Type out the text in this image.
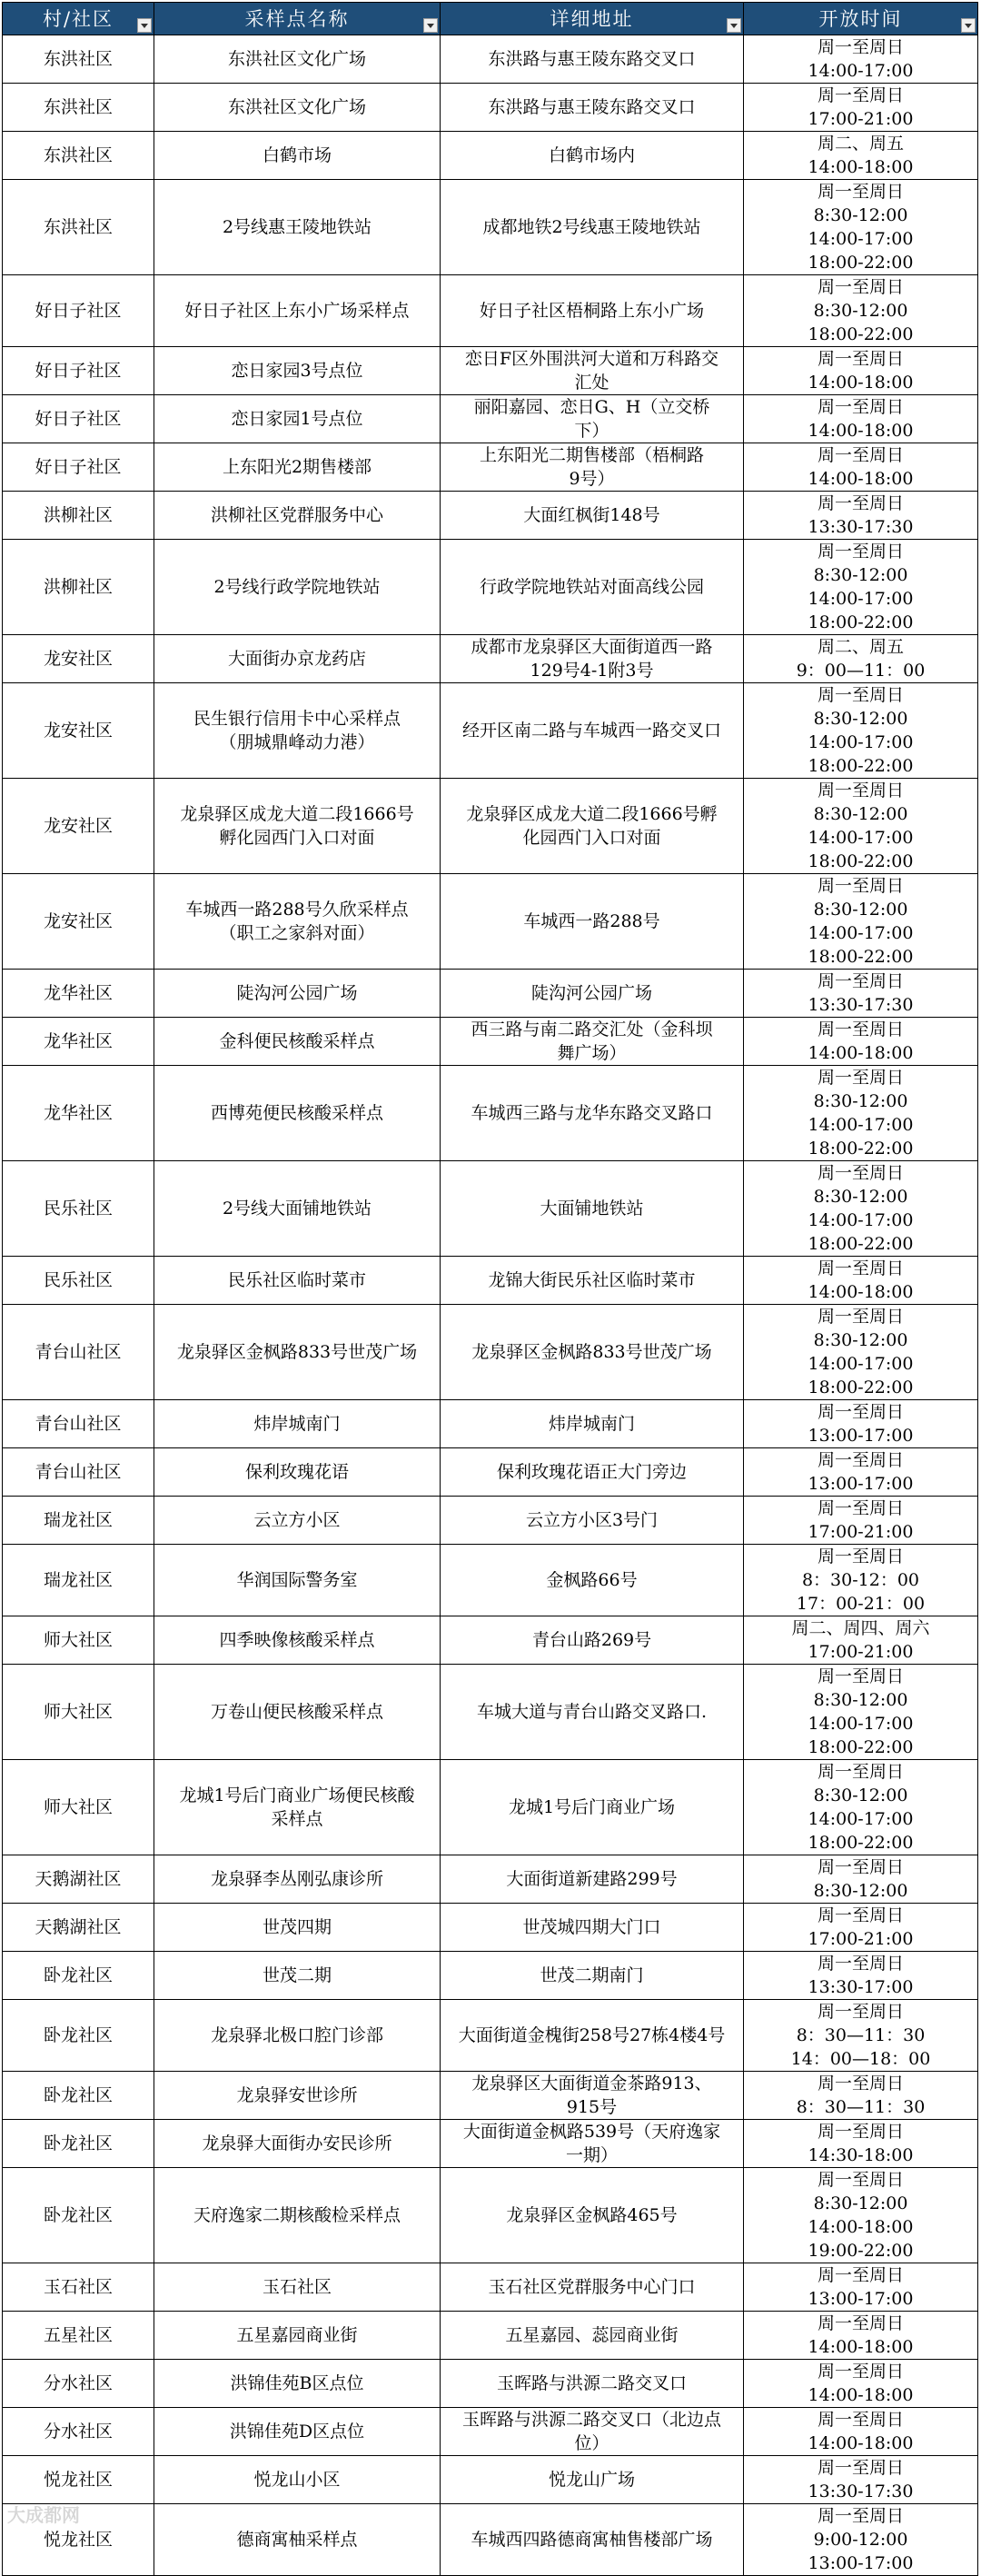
村/社区	采样点名称	详细地址	开放时间

东洪社区	东洪社区文化广场	东洪路与惠王陵东路交叉口	周一至周日
14:00-17:00

东洪社区	东洪社区文化广场	东洪路与惠王陵东路交叉口	周一至周日
17:00-21:00

东洪社区	白鹤市场	白鹤市场内	周二、周五
14:00-18:00

东洪社区	2号线惠王陵地铁站	成都地铁2号线惠王陵地铁站	周一至周日
8:30-12:00
14:00-17:00
18:00-22:00

好日子社区	好日子社区上东小广场采样点	好日子社区梧桐路上东小广场	周一至周日
8:30-12:00
18:00-22:00

好日子社区	恋日家园3号点位	恋日F区外围洪河大道和万科路交
汇处	周一至周日
14:00-18:00

好日子社区	恋日家园1号点位	丽阳嘉园、恋日G、H（立交桥
下）	周一至周日
14:00-18:00

好日子社区	上东阳光2期售楼部	上东阳光二期售楼部（梧桐路
9号）	周一至周日
14:00-18:00

洪柳社区	洪柳社区党群服务中心	大面红枫街148号	周一至周日
13:30-17:30

洪柳社区	2号线行政学院地铁站	行政学院地铁站对面高线公园	周一至周日
8:30-12:00
14:00-17:00
18:00-22:00

龙安社区	大面街办京龙药店	成都市龙泉驿区大面街道西一路
129号4-1附3号	周二、周五
9：00—11：00

龙安社区	民生银行信用卡中心采样点
（朋城鼎峰动力港）	经开区南二路与车城西一路交叉口	周一至周日
8:30-12:00
14:00-17:00
18:00-22:00

龙安社区	龙泉驿区成龙大道二段1666号
孵化园西门入口对面	龙泉驿区成龙大道二段1666号孵
化园西门入口对面	周一至周日
8:30-12:00
14:00-17:00
18:00-22:00

龙安社区	车城西一路288号久欣采样点
（职工之家斜对面）	车城西一路288号	周一至周日
8:30-12:00
14:00-17:00
18:00-22:00

龙华社区	陡沟河公园广场	陡沟河公园广场	周一至周日
13:30-17:30

龙华社区	金科便民核酸采样点	西三路与南二路交汇处（金科坝
舞广场）	周一至周日
14:00-18:00

龙华社区	西博苑便民核酸采样点	车城西三路与龙华东路交叉路口	周一至周日
8:30-12:00
14:00-17:00
18:00-22:00

民乐社区	2号线大面铺地铁站	大面铺地铁站	周一至周日
8:30-12:00
14:00-17:00
18:00-22:00

民乐社区	民乐社区临时菜市	龙锦大街民乐社区临时菜市	周一至周日
14:00-18:00

青台山社区	龙泉驿区金枫路833号世茂广场	龙泉驿区金枫路833号世茂广场	周一至周日
8:30-12:00
14:00-17:00
18:00-22:00

青台山社区	炜岸城南门	炜岸城南门	周一至周日
13:00-17:00

青台山社区	保利玫瑰花语	保利玫瑰花语正大门旁边	周一至周日
13:00-17:00

瑞龙社区	云立方小区	云立方小区3号门	周一至周日
17:00-21:00

瑞龙社区	华润国际警务室	金枫路66号	周一至周日
8：30-12：00
17：00-21：00

师大社区	四季映像核酸采样点	青台山路269号	周二、周四、周六
17:00-21:00

师大社区	万卷山便民核酸采样点	车城大道与青台山路交叉路口.	周一至周日
8:30-12:00
14:00-17:00
18:00-22:00

师大社区	龙城1号后门商业广场便民核酸
采样点	龙城1号后门商业广场	周一至周日
8:30-12:00
14:00-17:00
18:00-22:00

天鹅湖社区	龙泉驿李丛刚弘康诊所	大面街道新建路299号	周一至周日
8:30-12:00

天鹅湖社区	世茂四期	世茂城四期大门口	周一至周日
17:00-21:00

卧龙社区	世茂二期	世茂二期南门	周一至周日
13:30-17:00

卧龙社区	龙泉驿北极口腔门诊部	大面街道金槐街258号27栋4楼4号	周一至周日
8：30—11：30
14：00—18：00

卧龙社区	龙泉驿安世诊所	龙泉驿区大面街道金茶路913、
915号	周一至周日
8：30—11：30

卧龙社区	龙泉驿大面街办安民诊所	大面街道金枫路539号（天府逸家
一期）	周一至周日
14:30-18:00

卧龙社区	天府逸家二期核酸检采样点	龙泉驿区金枫路465号	周一至周日
8:30-12:00
14:00-18:00
19:00-22:00

玉石社区	玉石社区	玉石社区党群服务中心门口	周一至周日
13:00-17:00

五星社区	五星嘉园商业街	五星嘉园、蕊园商业街	周一至周日
14:00-18:00

分水社区	洪锦佳苑B区点位	玉晖路与洪源二路交叉口	周一至周日
14:00-18:00

分水社区	洪锦佳苑D区点位	玉晖路与洪源二路交叉口（北边点
位）	周一至周日
14:00-18:00

悦龙社区	悦龙山小区	悦龙山广场	周一至周日
13:30-17:30

悦龙社区	德商寓柚采样点	车城西四路德商寓柚售楼部广场	周一至周日
9:00-12:00
13:00-17:00
大成都网
